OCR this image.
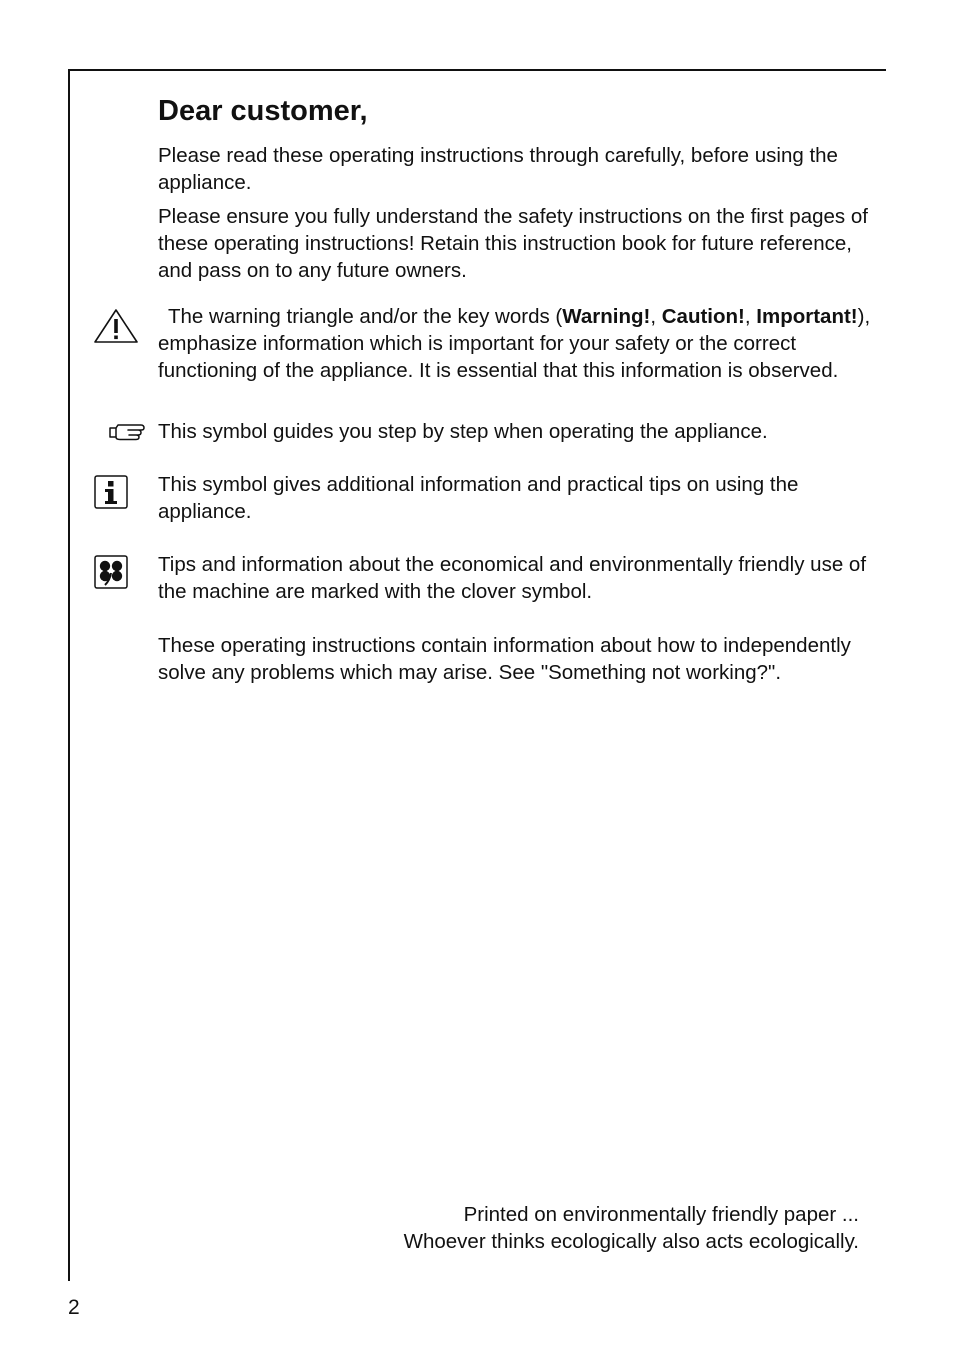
Dear customer,

Please read these operating instructions through carefully, before using the appliance.

Please ensure you fully understand the safety instructions on the first pages of these operating instructions! Retain this instruction book for future reference, and pass on to any future owners.

The warning triangle and/or the key words (Warning!, Caution!, Important!), emphasize information which is important for your safety or the correct functioning of the appliance. It is essential that this information is observed.

This symbol guides you step by step when operating the appliance.

This symbol gives additional information and practical tips on using the appliance.

Tips and information about the economical and environmentally friendly use of the machine are marked with the clover symbol.

These operating instructions contain information about how to independently solve any problems which may arise. See "Something not working?".

Printed on environmentally friendly paper ...
Whoever thinks ecologically also acts ecologically.
2
